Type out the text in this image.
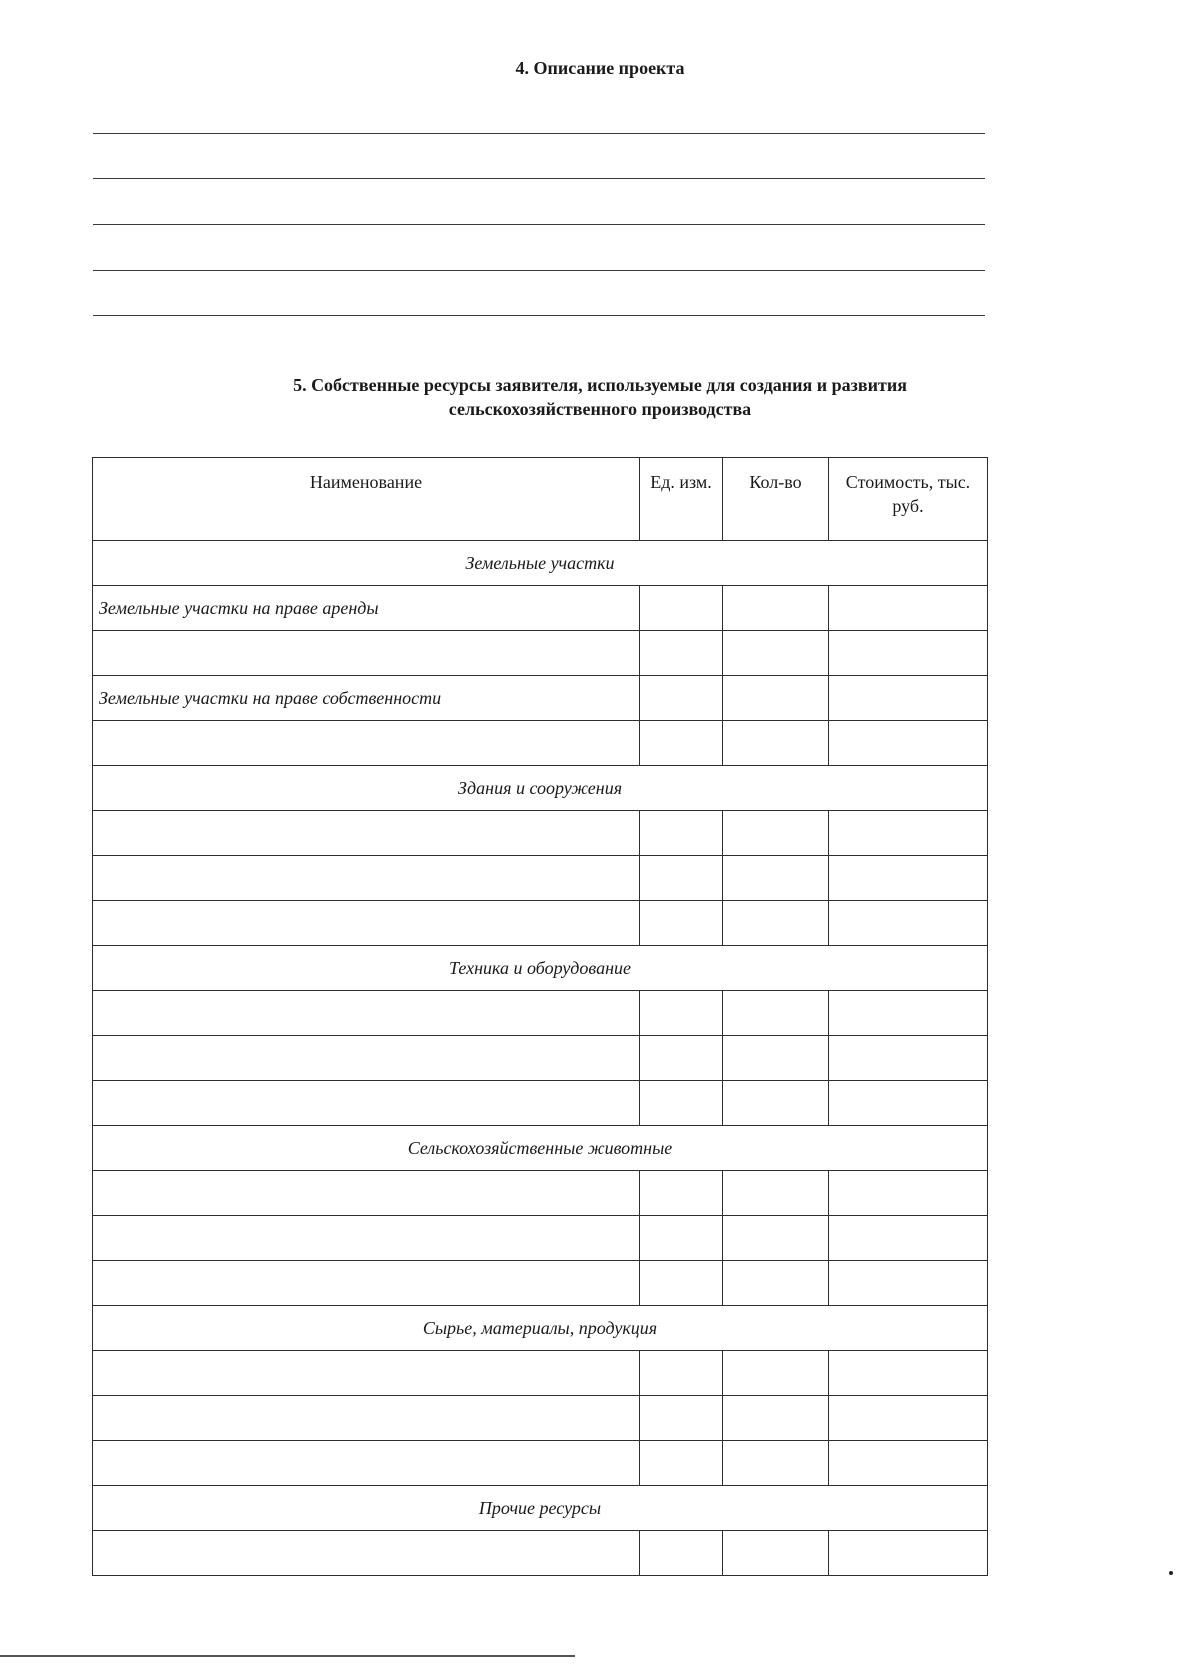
4. Описание проекта
5. Собственные ресурсы заявителя, используемые для создания и развития
сельскохозяйственного производства
Наименование	Ед. изм.	Кол-во	Стоимость, тыс. руб.
Земельные участки			
Земельные участки на праве аренды			

Земельные участки на праве собственности			

Здания и сооружения			

Техника и оборудование			

Сельскохозяйственные животные			

Сырье, материалы, продукция			

Прочие ресурсы			
